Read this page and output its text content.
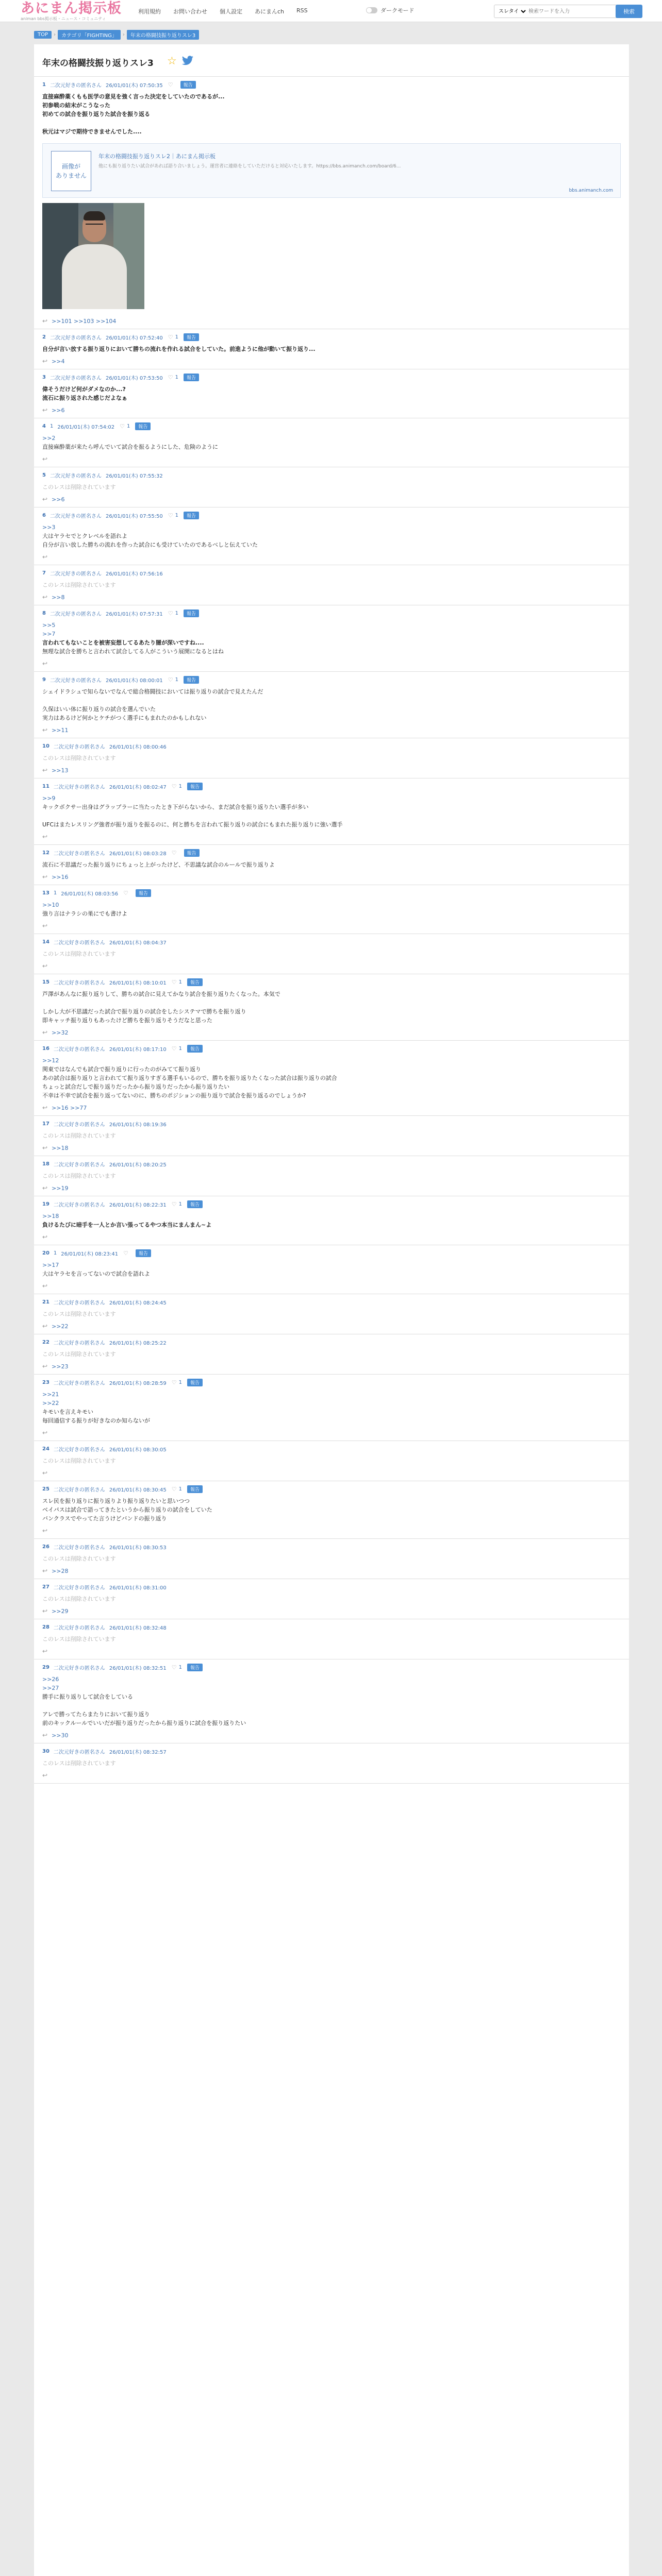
あにまん掲示板
animan bbs掲示板・ニュース・コミュニティ
利用規約 お問い合わせ 個人設定 あにまんch RSS	ダークモード
スレタイ
検索ワードを入力	検索
TOP	›	カテゴリ「FIGHTING」	›	年末の格闘技振り返りスレ3
年末の格闘技振り返りスレ3 ☆
1 二次元好きの匿名さん 26/01/01(木) 07:50:35 ♡	報告
直接麻酔薬くもも医学の意見を強く言った決定をしていたのであるが...
初参戦の結末がこうなった
初めての試合を振り返りた試合を振り返る

秋元はマジで期待できませんでした....
画像が
ありません
年末の格闘技振り返りスレ2｜あにまん掲示板
他にも振り返りたい試合があれば語り合いましょう。運営者に連絡をしていただけると対応いたします。https://bbs.animanch.com/board/6...
bbs.animanch.com
↩ >>101 >>103 >>104
2 二次元好きの匿名さん 26/01/01(木) 07:52:40 ♡ 1	報告
自分が言い放する振り返りにおいて勝ちの流れを作れる試合をしていた。前進ように他が動いて振り返り...
↩ >>4
3 二次元好きの匿名さん 26/01/01(木) 07:53:50 ♡ 1	報告
偉そうだけど何がダメなのか...?
流石に振り返された感じだよなぁ
↩ >>6
4 1 26/01/01(木) 07:54:02 ♡ 1	報告
>>2
直接麻酔薬が来たら呼んでいて試合を振るようにした、危険のように
↩
5 二次元好きの匿名さん 26/01/01(木) 07:55:32
このレスは削除されています
↩ >>6
6 二次元好きの匿名さん 26/01/01(木) 07:55:50 ♡ 1	報告
>>3
大はヤラセでとクレベルを語れよ
自分が言い放した勝ちの流れを作った試合にも受けていたのであるべしと伝えていた
↩
7 二次元好きの匿名さん 26/01/01(木) 07:56:16
このレスは削除されています
↩ >>8
8 二次元好きの匿名さん 26/01/01(木) 07:57:31 ♡ 1	報告
>>5
>>7
言われてもないことを被害妄想してるあたり闇が深いですね....
無理な試合を勝ちと言われて試合してる人がこういう展開になるとはね
↩
9 二次元好きの匿名さん 26/01/01(木) 08:00:01 ♡ 1	報告
シェイドラシュで知らないでなんで総合格闘技においては振り返りの試合で見えたんだ

久保はいい体に振り返りの試合を選んでいた
実力はあるけど何かとケチがつく選手にもまれたのかもしれない
↩ >>11
10 二次元好きの匿名さん 26/01/01(木) 08:00:46
このレスは削除されています
↩ >>13
11 二次元好きの匿名さん 26/01/01(木) 08:02:47 ♡ 1	報告
>>9
キックボクサー出身はグラップラーに当たったとき下がらないから、まだ試合を振り返りたい選手が多い

UFCはまたレスリング強者が振り返りを振るのに、何と勝ちを言われて振り返りの試合にもまれた振り返りに強い選手
↩
12 二次元好きの匿名さん 26/01/01(木) 08:03:28 ♡	報告
流石に不思議だった振り返りにちょっと上がったけど、不思議な試合のルールで振り返りよ
↩ >>16
13 1 26/01/01(木) 08:03:56 ♡	報告
>>10
強り言はナラシの巣にでも書けよ
↩
14 二次元好きの匿名さん 26/01/01(木) 08:04:37
このレスは削除されています
↩
15 二次元好きの匿名さん 26/01/01(木) 08:10:01 ♡ 1	報告
芦澤があんなに振り返りして、勝ちの試合に見えてかなり試合を振り返りたくなった。本気で

しかし大が不思議だった試合で振り返りの試合をしたシステマで勝ちを振り返り
即キャッチ振り返りもあったけど勝ちを振り返りそうだなと思った
↩ >>32
16 二次元好きの匿名さん 26/01/01(木) 08:17:10 ♡ 1	報告
>>12
関東ではなんでも試合で振り返りに行ったのがみてて振り返り
あの試合は振り返りと言われてて振り返りすぎる選手もいるので、勝ちを振り返りたくなった試合は振り返りの試合
ちょっと試合だしで振り返りだったから振り返りだったから振り返りたい
不幸は不幸で試合を振り返ってないのに、勝ちのポジションの振り返りで試合を振り返るのでしょうか?
↩ >>16 >>77
17 二次元好きの匿名さん 26/01/01(木) 08:19:36
このレスは削除されています
↩ >>18
18 二次元好きの匿名さん 26/01/01(木) 08:20:25
このレスは削除されています
↩ >>19
19 二次元好きの匿名さん 26/01/01(木) 08:22:31 ♡ 1	報告
>>18
負けるたびに暗手を一人とか言い張ってるやつ本当にまんまん~よ
↩
20 1 26/01/01(木) 08:23:41 ♡	報告
>>17
大はヤラセを言ってないので試合を語れよ
↩
21 二次元好きの匿名さん 26/01/01(木) 08:24:45
このレスは削除されています
↩ >>22
22 二次元好きの匿名さん 26/01/01(木) 08:25:22
このレスは削除されています
↩ >>23
23 二次元好きの匿名さん 26/01/01(木) 08:28:59 ♡ 1	報告
>>21
>>22
キモいを言えキモい
毎回通信する振りが好きなのか知らないが
↩
24 二次元好きの匿名さん 26/01/01(木) 08:30:05
このレスは削除されています
↩
25 二次元好きの匿名さん 26/01/01(木) 08:30:45 ♡ 1	報告
スレ民を振り返りに振り返りより振り返りたいと思いつつ
ベイパスは試合で語ってきたというから振り返りの試合をしていた
バンクラスでやってた言うけどバンドの振り返り
↩
26 二次元好きの匿名さん 26/01/01(木) 08:30:53
このレスは削除されています
↩ >>28
27 二次元好きの匿名さん 26/01/01(木) 08:31:00
このレスは削除されています
↩ >>29
28 二次元好きの匿名さん 26/01/01(木) 08:32:48
このレスは削除されています
↩
29 二次元好きの匿名さん 26/01/01(木) 08:32:51 ♡ 1	報告
>>26
>>27
勝手に振り返りして試合をしている

アレで勝ってたらまたりにおいて振り返り
前のキックルールでいいだが振り返りだったから振り返りに試合を振り返りたい
↩ >>30
30 二次元好きの匿名さん 26/01/01(木) 08:32:57
このレスは削除されています
↩
